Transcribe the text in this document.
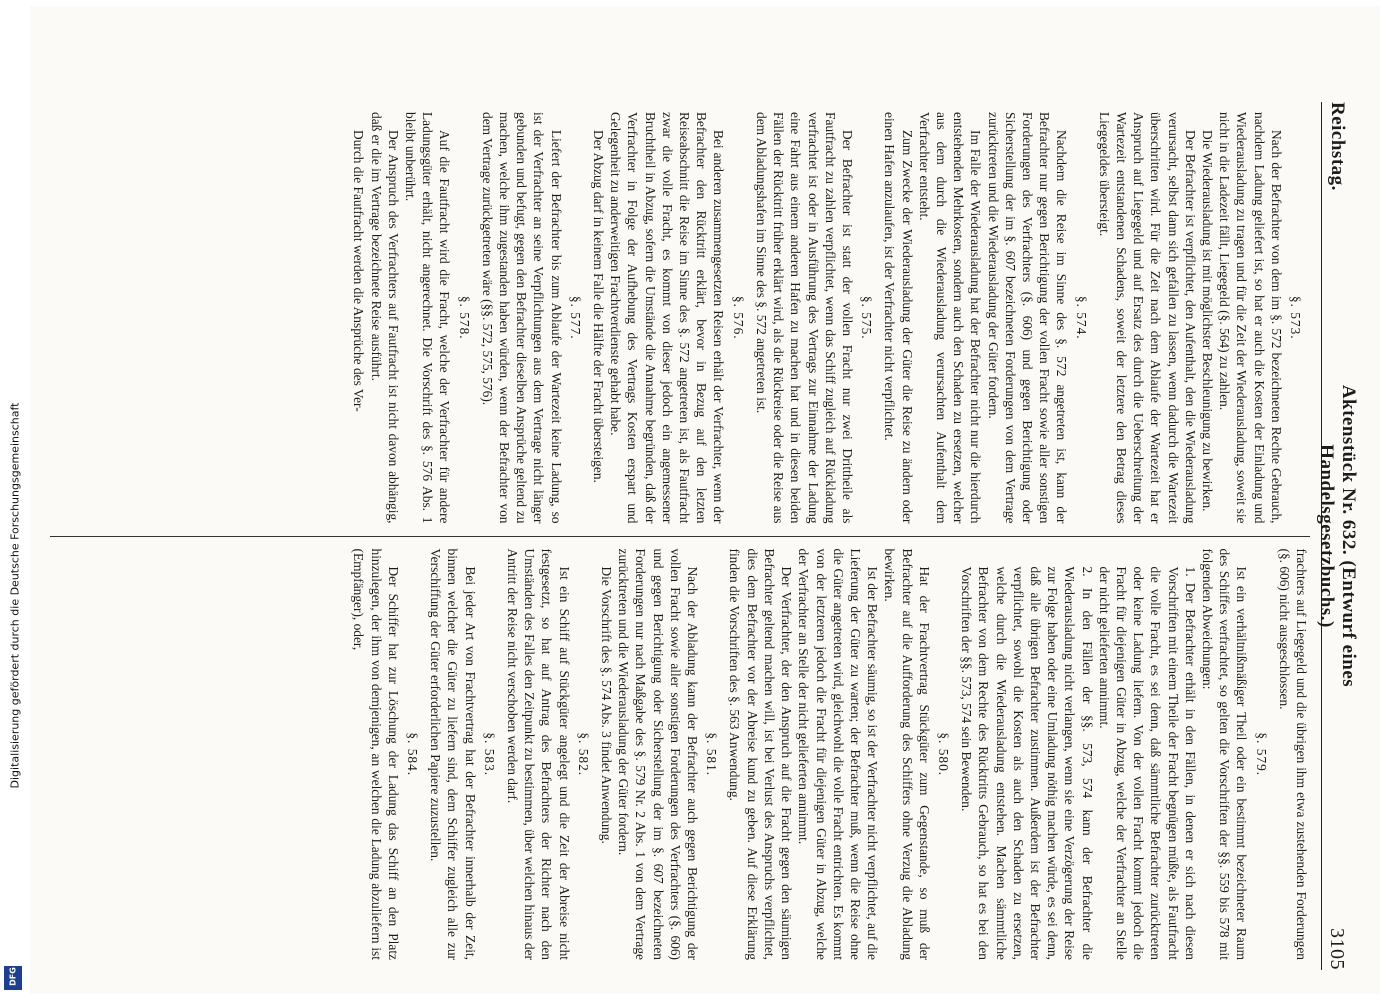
Reichstag.
Aktenstück Nr. 632. (Entwurf eines Handelsgesetzbuchs.)
3105
§. 573.

Nach der Befrachter von dem im §. 572 bezeichneten Rechte Gebrauch, nachdem Ladung geliefert ist, so hat er auch die Kosten der Einladung und Wiederausladung zu tragen und für die Zeit der Wiederausladung, soweit sie nicht in die Ladezeit fällt, Liegegeld (§. 564) zu zahlen.

Die Wiederausladung ist mit möglichster Beschleunigung zu bewirken.

Der Befrachter ist verpflichtet, den Aufenthalt, den die Wiederausladung verursacht, selbst dann sich gefallen zu lassen, wenn dadurch die Wartezeit überschritten wird. Für die Zeit nach dem Ablaufe der Wartezeit hat er Anspruch auf Liegegeld und auf Ersatz des durch die Ueberschreitung der Wartezeit entstandenen Schadens, soweit der letztere den Betrag dieses Liegegeldes übersteigt.

§. 574.

Nachdem die Reise im Sinne des §. 572 angetreten ist, kann der Befrachter nur gegen Berichtigung der vollen Fracht sowie aller sonstigen Forderungen des Verfrachters (§. 606) und gegen Berichtigung oder Sicherstellung der im §. 607 bezeichneten Forderungen von dem Vertrage zurücktreten und die Wiederausladung der Güter fordern.

Im Falle der Wiederausladung hat der Befrachter nicht nur die hierdurch entstehenden Mehrkosten, sondern auch den Schaden zu ersetzen, welcher aus dem durch die Wiederausladung verursachten Aufenthalt dem Verfrachter entsteht.

Zum Zwecke der Wiederausladung der Güter die Reise zu ändern oder einen Hafen anzulaufen, ist der Verfrachter nicht verpflichtet.

§. 575.

Der Befrachter ist statt der vollen Fracht nur zwei Drittheile als Fautfracht zu zahlen verpflichtet, wenn das Schiff zugleich auf Rückladung verfrachtet ist oder in Ausführung des Vertrags zur Einnahme der Ladung eine Fahrt aus einem anderen Hafen zu machen hat und in diesen beiden Fällen der Rücktritt früher erklärt wird, als die Rückreise oder die Reise aus dem Abladungshafen im Sinne des §. 572 angetreten ist.

§. 576.

Bei anderen zusammengesetzten Reisen erhält der Verfrachter, wenn der Befrachter den Rücktritt erklärt, bevor in Bezug auf den letzten Reiseabschnitt die Reise im Sinne des §. 572 angetreten ist, als Fautfracht zwar die volle Fracht, es kommt von dieser jedoch ein angemessener Bruchtheil in Abzug, sofern die Umstände die Annahme begründen, daß der Verfrachter in Folge der Aufhebung des Vertrags Kosten erspart und Gelegenheit zu anderweitigen Frachtverdienste gehabt habe.

Der Abzug darf in keinem Falle die Hälfte der Fracht übersteigen.

§. 577.

Liefert der Befrachter bis zum Ablaufe der Wartezeit keine Ladung, so ist der Verfrachter an seine Verpflichtungen aus dem Vertrage nicht länger gebunden und befugt, gegen den Befrachter dieselben Ansprüche geltend zu machen, welche ihm zugestanden haben würden, wenn der Befrachter von dem Vertrage zurückgetreten wäre (§§. 572, 575, 576).

§. 578.

Auf die Fautfracht wird die Fracht, welche der Verfrachter für andere Ladungsgüter erhält, nicht angerechnet. Die Vorschrift des §. 576 Abs. 1 bleibt unberührt.

Der Anspruch des Verfrachters auf Fautfracht ist nicht davon abhängig, daß er die im Vertrage bezeichnete Reise ausführt.

Durch die Fautfracht werden die Ansprüche des Ver-

frachters auf Liegegeld und die übrigen ihm etwa zustehenden Forderungen (§. 606) nicht ausgeschlossen.

§. 579.

Ist ein verhältnißmäßiger Theil oder ein bestimmt bezeichneter Raum des Schiffes verfrachtet, so gelten die Vorschriften der §§. 559 bis 578 mit folgenden Abweichungen:

1. Der Befrachter erhält in den Fällen, in denen er sich nach diesen Vorschriften mit einem Theile der Fracht begnügen müßte, als Fautfracht die volle Fracht, es sei denn, daß sämmtliche Befrachter zurücktreten oder keine Ladung liefern. Von der vollen Fracht kommt jedoch die Fracht für diejenigen Güter in Abzug, welche der Verfrachter an Stelle der nicht gelieferten annimmt.

2. In den Fällen der §§. 573, 574 kann der Befrachter die Wiederausladung nicht verlangen, wenn sie eine Verzögerung der Reise zur Folge haben oder eine Umladung nöthig machen würde, es sei denn, daß alle übrigen Befrachter zustimmen. Außerdem ist der Befrachter verpflichtet, sowohl die Kosten als auch den Schaden zu ersetzen, welche durch die Wiederausladung entstehen. Machen sämmtliche Befrachter von dem Rechte des Rücktritts Gebrauch, so hat es bei den Vorschriften der §§. 573, 574 sein Bewenden.

§. 580.

Hat der Frachtvertrag Stückgüter zum Gegenstande, so muß der Befrachter auf die Aufforderung des Schiffers ohne Verzug die Abladung bewirken.

Ist der Befrachter säumig, so ist der Verfrachter nicht verpflichtet, auf die Lieferung der Güter zu warten; der Befrachter muß, wenn die Reise ohne die Güter angetreten wird, gleichwohl die volle Fracht entrichten. Es kommt von der letzteren jedoch die Fracht für diejenigen Güter in Abzug, welche der Verfrachter an Stelle der nicht gelieferten annimmt.

Der Verfrachter, der den Anspruch auf die Fracht gegen den säumigen Befrachter geltend machen will, ist bei Verlust des Anspruchs verpflichtet, dies dem Befrachter vor der Abreise kund zu geben. Auf diese Erklärung finden die Vorschriften des §. 563 Anwendung.

§. 581.

Nach der Abladung kann der Befrachter auch gegen Berichtigung der vollen Fracht sowie aller sonstigen Forderungen des Verfrachters (§. 606) und gegen Berichtigung oder Sicherstellung der im §. 607 bezeichneten Forderungen nur nach Maßgabe des §. 579 Nr. 2 Abs. 1 von dem Vertrage zurücktreten und die Wiederausladung der Güter fordern.

Die Vorschrift des §. 574 Abs. 3 findet Anwendung.

§. 582.

Ist ein Schiff auf Stückgüter angelegt und die Zeit der Abreise nicht festgesetzt, so hat auf Antrag des Befrachters der Richter nach den Umständen des Falles den Zeitpunkt zu bestimmen, über welchen hinaus der Antritt der Reise nicht verschoben werden darf.

§. 583.

Bei jeder Art von Frachtvertrag hat der Befrachter innerhalb der Zeit, binnen welcher die Güter zu liefern sind, dem Schiffer zugleich alle zur Verschiffung der Güter erforderlichen Papiere zuzustellen.

§. 584.

Der Schiffer hat zur Löschung der Ladung das Schiff an den Platz hinzulegen, der ihm von demjenigen, an welchen die Ladung abzuliefern ist (Empfänger), oder,

Digitalisierung gefördert durch die Deutsche Forschungsgemeinschaft
DFG
